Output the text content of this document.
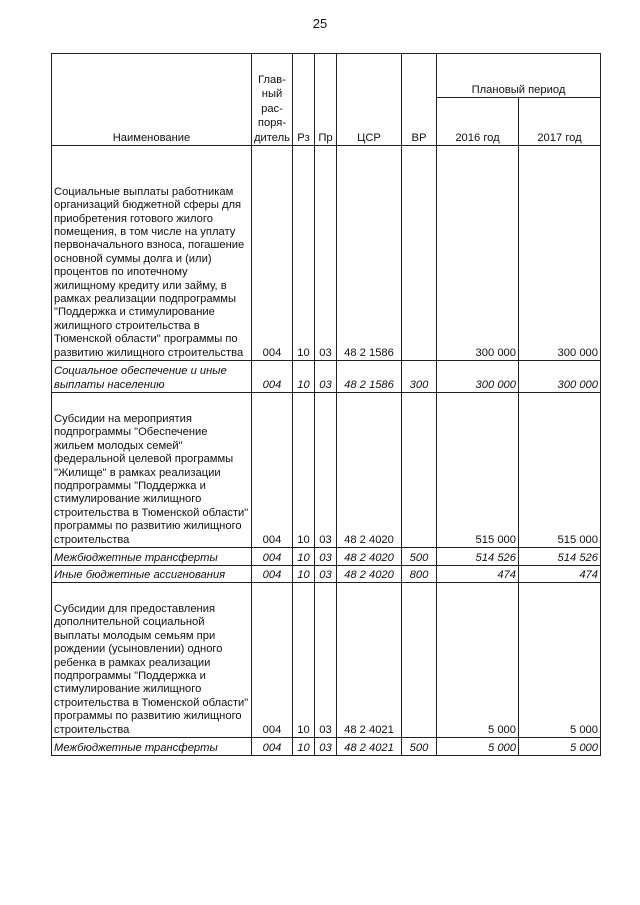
25
Наименование	Глав-
ный
рас-
поря-
дитель	Рз	Пр	ЦСР	ВР	Плановый период	
						2016 год	2017 год
Социальные выплаты работникам организаций бюджетной сферы для приобретения готового жилого помещения, в том числе на уплату первоначального взноса, погашение основной суммы долга и (или) процентов по ипотечному жилищному кредиту или займу, в рамках реализации подпрограммы "Поддержка и стимулирование жилищного строительства в Тюменской области" программы по развитию жилищного строительства	004	10	03	48 2 1586		300 000	300 000
Социальное обеспечение и иные выплаты населению	004	10	03	48 2 1586	300	300 000	300 000
Субсидии на мероприятия подпрограммы "Обеспечение жильем молодых семей" федеральной целевой программы "Жилище" в рамках реализации подпрограммы "Поддержка и стимулирование жилищного строительства в Тюменской области" программы по развитию жилищного строительства	004	10	03	48 2 4020		515 000	515 000
Межбюджетные трансферты	004	10	03	48 2 4020	500	514 526	514 526
Иные бюджетные ассигнования	004	10	03	48 2 4020	800	474	474
Субсидии для предоставления дополнительной социальной выплаты молодым семьям при рождении (усыновлении) одного ребенка в рамках реализации подпрограммы "Поддержка и стимулирование жилищного строительства в Тюменской области" программы по развитию жилищного строительства	004	10	03	48 2 4021		5 000	5 000
Межбюджетные трансферты	004	10	03	48 2 4021	500	5 000	5 000
